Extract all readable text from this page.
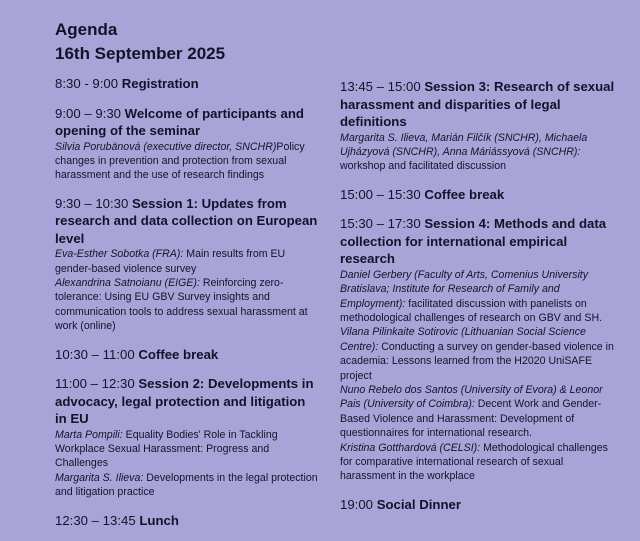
Agenda
16th September 2025
8:30 - 9:00 Registration
9:00 – 9:30 Welcome of participants and opening of the seminar
Silvia Porubänová (executive director, SNCHR)Policy changes in prevention and protection from sexual harassment and the use of research findings
9:30 – 10:30 Session 1: Updates from research and data collection on European level
Eva-Esther Sobotka (FRA): Main results from EU gender-based violence survey
Alexandrina Satnoianu (EIGE): Reinforcing zero-tolerance: Using EU GBV Survey insights and communication tools to address sexual harassment at work (online)
10:30 – 11:00 Coffee break
11:00 – 12:30 Session 2: Developments in advocacy, legal protection and litigation in EU
Marta Pompili: Equality Bodies' Role in Tackling Workplace Sexual Harassment: Progress and Challenges
Margarita S. Ilieva: Developments in the legal protection and litigation practice
12:30 – 13:45 Lunch
13:45 – 15:00 Session 3: Research of sexual harassment and disparities of legal definitions
Margarita S. Ilieva, Marián Filčík (SNCHR), Michaela Ujházyová (SNCHR), Anna Máriássyová (SNCHR): workshop and facilitated discussion
15:00 – 15:30 Coffee break
15:30 – 17:30 Session 4: Methods and data collection for international empirical research
Daniel Gerbery (Faculty of Arts, Comenius University Bratislava; Institute for Research of Family and Employment): facilitated discussion with panelists on methodological challenges of research on GBV and SH.
Vilana Pilinkaite Sotirovic (Lithuanian Social Science Centre): Conducting a survey on gender-based violence in academia: Lessons learned from the H2020 UniSAFE project
Nuno Rebelo dos Santos (University of Evora) & Leonor Pais (University of Coimbra): Decent Work and Gender-Based Violence and Harassment: Development of questionnaires for international research.
Kristina Gotthardová (CELSI): Methodological challenges for comparative international research of sexual harassment in the workplace
19:00 Social Dinner
